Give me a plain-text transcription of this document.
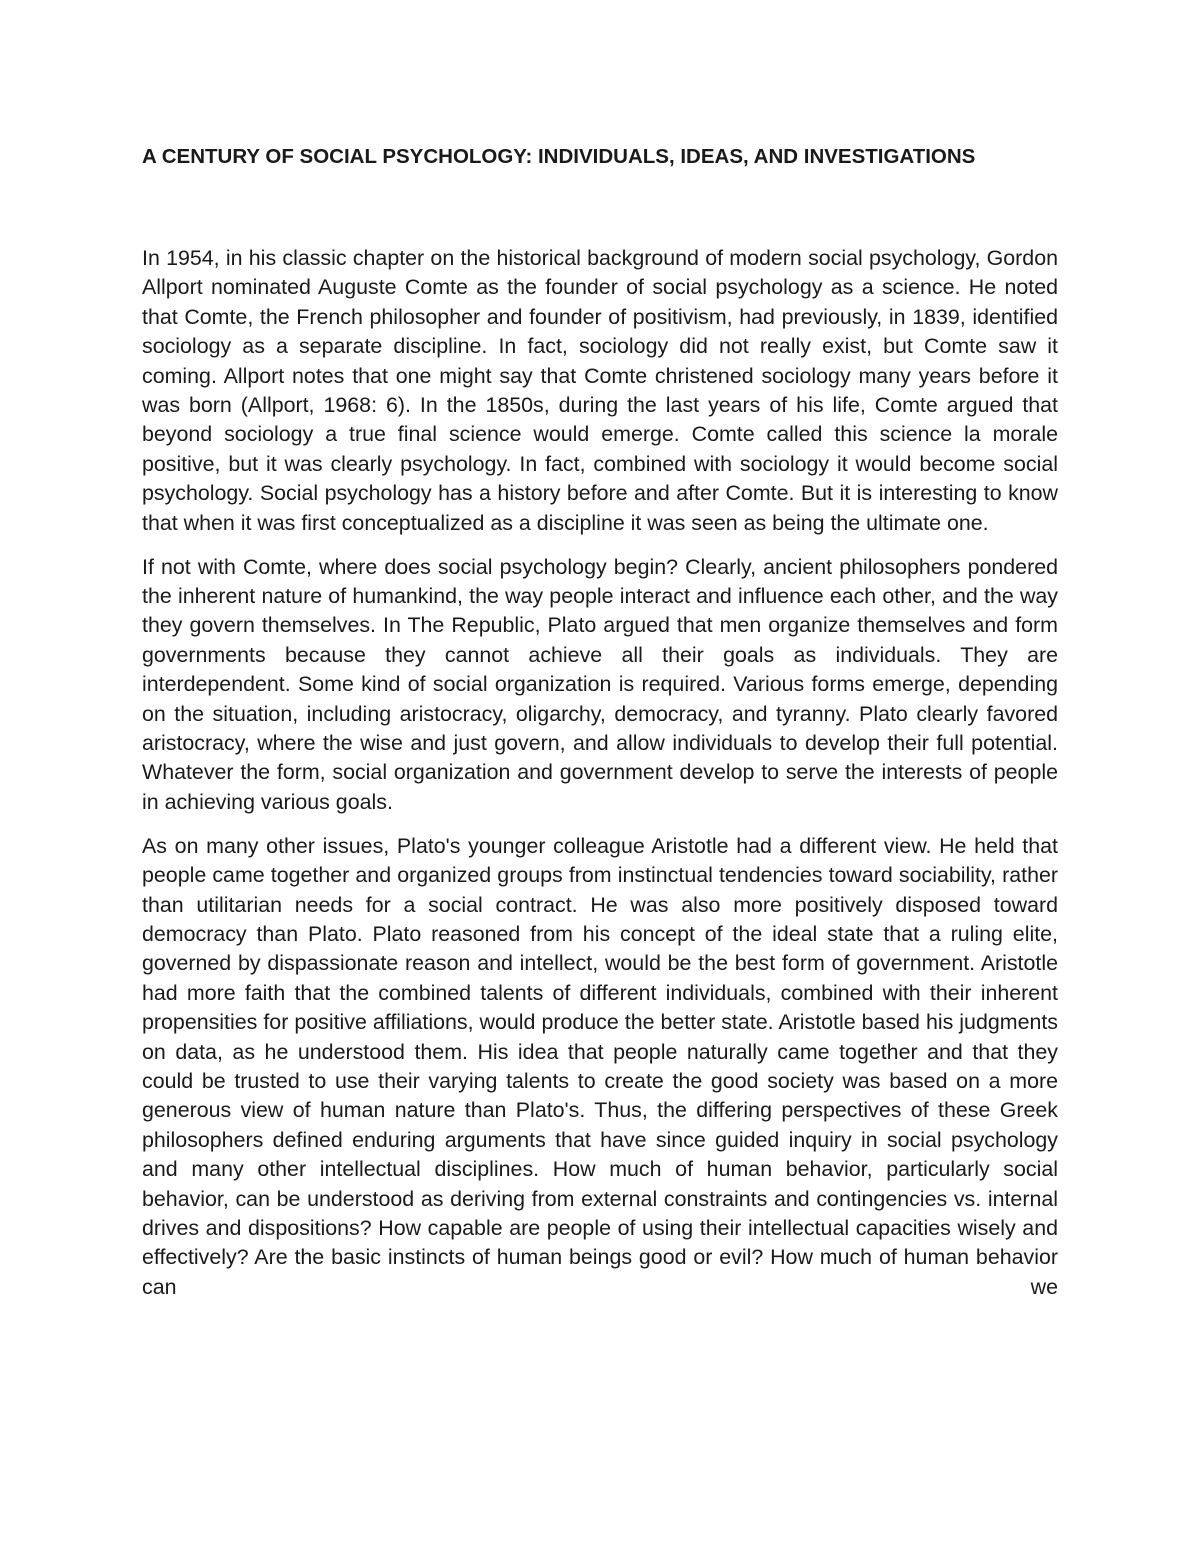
A CENTURY OF SOCIAL PSYCHOLOGY: INDIVIDUALS, IDEAS, AND INVESTIGATIONS

In 1954, in his classic chapter on the historical background of modern social psychology, Gordon Allport nominated Auguste Comte as the founder of social psychology as a science. He noted that Comte, the French philosopher and founder of positivism, had previously, in 1839, identified sociology as a separate discipline. In fact, sociology did not really exist, but Comte saw it coming. Allport notes that one might say that Comte christened sociology many years before it was born (Allport, 1968: 6). In the 1850s, during the last years of his life, Comte argued that beyond sociology a true final science would emerge. Comte called this science la morale positive, but it was clearly psychology. In fact, combined with sociology it would become social psychology. Social psychology has a history before and after Comte. But it is interesting to know that when it was first conceptualized as a discipline it was seen as being the ultimate one.

If not with Comte, where does social psychology begin? Clearly, ancient philosophers pondered the inherent nature of humankind, the way people interact and influence each other, and the way they govern themselves. In The Republic, Plato argued that men organize themselves and form governments because they cannot achieve all their goals as individuals. They are interdependent. Some kind of social organization is required. Various forms emerge, depending on the situation, including aristocracy, oligarchy, democracy, and tyranny. Plato clearly favored aristocracy, where the wise and just govern, and allow individuals to develop their full potential. Whatever the form, social organization and government develop to serve the interests of people in achieving various goals.

As on many other issues, Plato's younger colleague Aristotle had a different view. He held that people came together and organized groups from instinctual tendencies toward sociability, rather than utilitarian needs for a social contract. He was also more positively disposed toward democracy than Plato. Plato reasoned from his concept of the ideal state that a ruling elite, governed by dispassionate reason and intellect, would be the best form of government. Aristotle had more faith that the combined talents of different individuals, combined with their inherent propensities for positive affiliations, would produce the better state. Aristotle based his judgments on data, as he understood them. His idea that people naturally came together and that they could be trusted to use their varying talents to create the good society was based on a more generous view of human nature than Plato's. Thus, the differing perspectives of these Greek philosophers defined enduring arguments that have since guided inquiry in social psychology and many other intellectual disciplines. How much of human behavior, particularly social behavior, can be understood as deriving from external constraints and contingencies vs. internal drives and dispositions? How capable are people of using their intellectual capacities wisely and effectively? Are the basic instincts of human beings good or evil? How much of human behavior can we
